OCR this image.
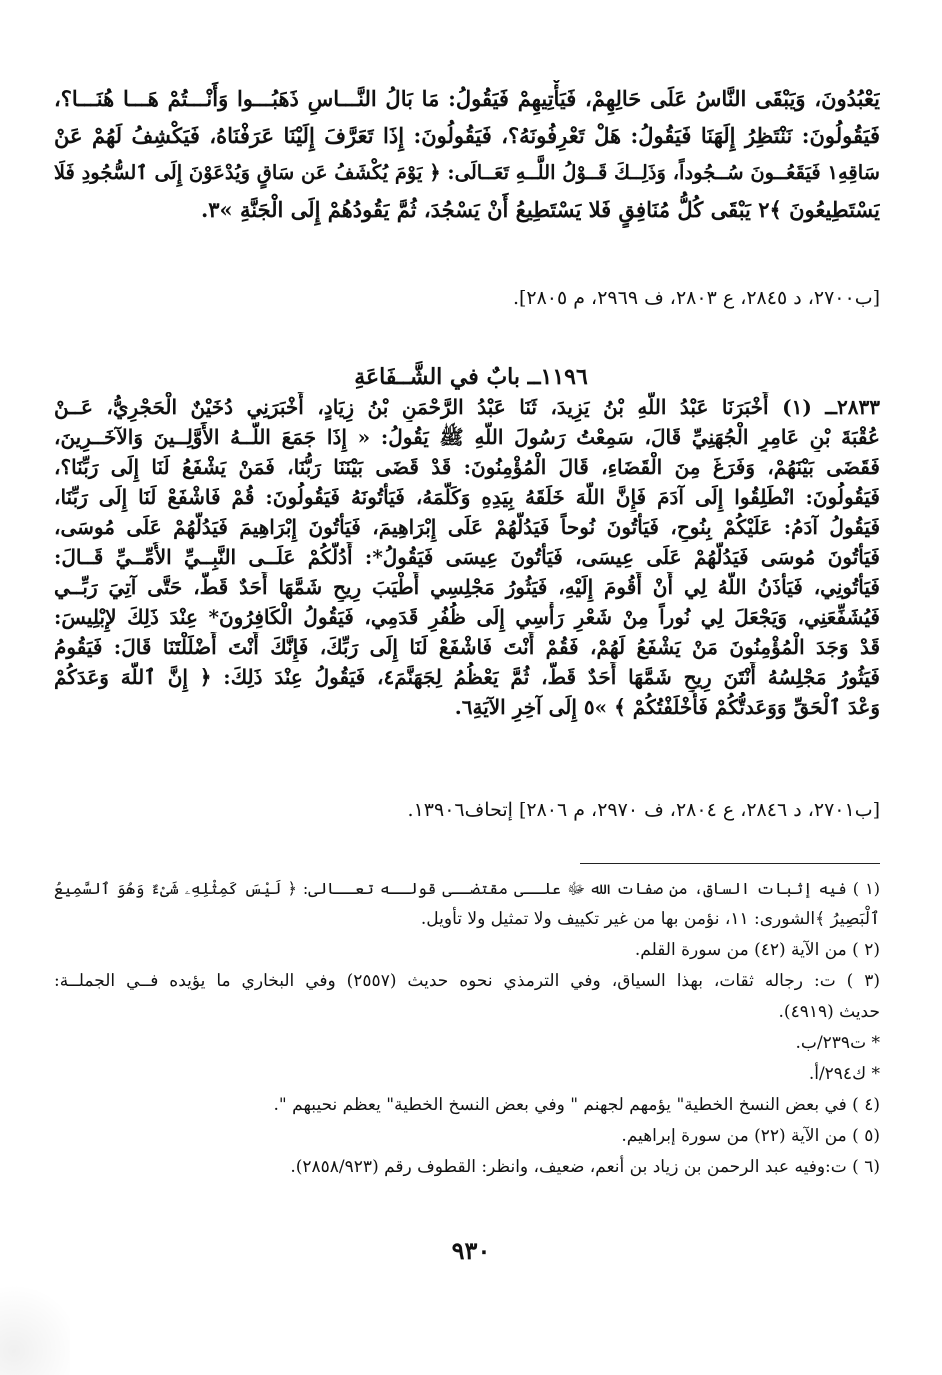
يَعْبُدُونَ، وَيَبْقَى النَّاسُ عَلَى حَالِهِمْ، فَيَأْتِيهِمْ فَيَقُولُ: مَا بَالُ النَّـــاسِ ذَهَبُـــوا وَأَنْـــتُمْ هَـــا هُنَـــا؟،
فَيَقُولُونَ: نَنْتَظِرُ إِلَهَنَا فَيَقُولُ: هَلْ تَعْرِفُونَهُ؟، فَيَقُولُونَ: إِذَا تَعَرَّفَ إِلَيْنَا عَرَفْنَاهُ، فَيَكْشِفُ لَهُمْ عَنْ
سَاقِهِ١ فَيَقَعُــونَ سُــجُوداً، وَذَلِــكَ قَــوْلُ اللَّــهِ تَعَــالَى: ﴿ يَوْمَ يُكْشَفُ عَن سَاقٍ وَيُدْعَوْنَ إِلَى ٱلسُّجُودِ فَلَا
يَسْتَطِيعُونَ ﴾٢ يَبْقَى كُلُّ مُنَافِقٍ فَلا يَسْتَطِيعُ أَنْ يَسْجُدَ، ثُمَّ يَقُودُهُمْ إِلَى الْجَنَّةِ »٣.
[ب٢٧٠٠، د ٢٨٤٥، ع ٢٨٠٣، ف ٢٩٦٩، م ٢٨٠٥].
١١٩٦ــ بابٌ في الشَّــفَاعَةِ
٢٨٣٣ــ (١) أَخْبَرَنَا عَبْدُ اللَّهِ بْنُ يَزِيدَ، ثَنَا عَبْدُ الرَّحْمَنِ بْنُ زِيَادٍ، أَخْبَرَنِي دُخَيْنٌ الْحَجْرِيُّ، عَــنْ
عُقْبَةَ بْنِ عَامِرٍ الْجُهَنِيِّ قَالَ، سَمِعْتُ رَسُولَ اللَّهِ ﷺ يَقُولُ: « إِذَا جَمَعَ اللَّــهُ الأَوَّلِــينَ وَالآخَــرِينَ،
فَقَضَى بَيْنَهُمْ، وَفَرَغَ مِنَ الْقَضَاءِ، قَالَ الْمُؤْمِنُونَ: قَدْ قَضَى بَيْنَنَا رَبُّنَا، فَمَنْ يَشْفَعُ لَنَا إِلَى رَبِّنَا؟،
فَيَقُولُونَ: انْطَلِقُوا إِلَى آدَمَ فَإِنَّ اللَّهَ خَلَقَهُ بِيَدِهِ وَكَلَّمَهُ، فَيَأْتُونَهُ فَيَقُولُونَ: قُمْ فَاشْفَعْ لَنَا إِلَى رَبِّنَا،
فَيَقُولُ آدَمُ: عَلَيْكُمْ بِنُوحٍ، فَيَأْتُونَ نُوحاً فَيَدُلُّهُمْ عَلَى إِبْرَاهِيمَ، فَيَأْتُونَ إِبْرَاهِيمَ فَيَدُلُّهُمْ عَلَى مُوسَى،
فَيَأْتُونَ مُوسَى فَيَدُلُّهُمْ عَلَى عِيسَى، فَيَأْتُونَ عِيسَى فَيَقُولُ*: أَدُلُّكُمْ عَلَــى النَّبِــيِّ الأُمِّــيِّ قَــالَ:
فَيَأْتُونِي، فَيَأْذَنُ اللَّهُ لِي أَنْ أَقُومَ إِلَيْهِ، فَيَثُورُ مَجْلِسِي أَطْيَبَ رِيحٍ شَمَّهَا أَحَدٌ قَطُّ، حَتَّى آتِيَ رَبِّــي
فَيُشَفِّعَنِي، وَيَجْعَلَ لِي نُوراً مِنْ شَعْرِ رَأْسِي إِلَى ظُفُرِ قَدَمِي، فَيَقُولُ الْكَافِرُونَ* عِنْدَ ذَلِكَ لإِبْلِيسَ:
قَدْ وَجَدَ الْمُؤْمِنُونَ مَنْ يَشْفَعُ لَهُمْ، فَقُمْ أَنْتَ فَاشْفَعْ لَنَا إِلَى رَبِّكَ، فَإِنَّكَ أَنْتَ أَضْلَلْتَنَا قَالَ: فَيَقُومُ
فَيَثُورُ مَجْلِسُهُ أَنْتَنَ رِيحٍ شَمَّهَا أَحَدٌ قَطُّ، ثُمَّ يَعْظُمُ لِجَهَنَّمَ٤، فَيَقُولُ عِنْدَ ذَلِكَ: ﴿ إِنَّ ٱللَّهَ وَعَدَكُمْ
وَعْدَ ٱلْحَقِّ وَوَعَدتُّكُمْ فَأَخْلَفْتُكُمْ ﴾ »٥ إِلَى آخِرِ الآيَةِ٦.
[ب٢٧٠١، د ٢٨٤٦، ع ٢٨٠٤، ف ٢٩٧٠، م ٢٨٠٦] إتحاف١٣٩٠٦.
(١ ) فيه إثبات الساق، من صفات الله ﷻ علــى مقتضــى قولــه تعــالى: ﴿ لَيْسَ كَمِثْلِهِۦ شَىْءٌ وَهُوَ ٱلسَّمِيعُ
ٱلْبَصِيرُ ﴾الشورى: ١١، نؤمن بها من غير تكييف ولا تمثيل ولا تأويل.
(٢ ) من الآية (٤٢) من سورة القلم.
(٣ ) ت: رجاله ثقات، بهذا السياق، وفي الترمذي نحوه حديث (٢٥٥٧) وفي البخاري ما يؤيده فــي الجملــة:
حديث (٤٩١٩).
* ت٢٣٩/ب.
* ك٢٩٤/أ.
(٤ ) في بعض النسخ الخطية" يؤمهم لجهنم " وفي بعض النسخ الخطية" يعظم نحيبهم ".
(٥ ) من الآية (٢٢) من سورة إبراهيم.
(٦ ) ت:وفيه عبد الرحمن بن زياد بن أنعم، ضعيف، وانظر: القطوف رقم (٢٨٥٨/٩٢٣).
٩٣٠
